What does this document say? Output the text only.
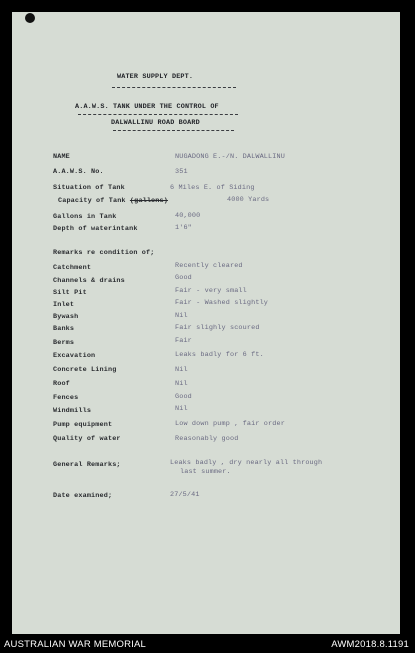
WATER SUPPLY DEPT.
A.A.W.S. TANK UNDER THE CONTROL OF
DALWALLINU ROAD BOARD
NAME	NUGADONG E.-/N. DALWALLINU
A.A.W.S. No.	351
Situation of Tank	6 Miles E. of Siding
Capacity of Tank (gallons)	4000 Yards
Gallons in Tank	40,000
Depth of waterintank	1'6"
Remarks re condition of;
Catchment	Recently cleared
Channels & drains	Good
Silt Pit	Fair - very small
Inlet	Fair - Washed slightly
Bywash	Nil
Banks	Fair slighly scoured
Berms	Fair
Excavation	Leaks badly for 6 ft.
Concrete Lining	Nil
Roof	Nil
Fences	Good
Windmills	Nil
Pump equipment	Low down pump , fair order
Quality of water	Reasonably good
General Remarks;	Leaks badly , dry nearly all through
last summer.
Date examined;	27/5/41
AUSTRALIAN WAR MEMORIAL	AWM2018.8.1191
